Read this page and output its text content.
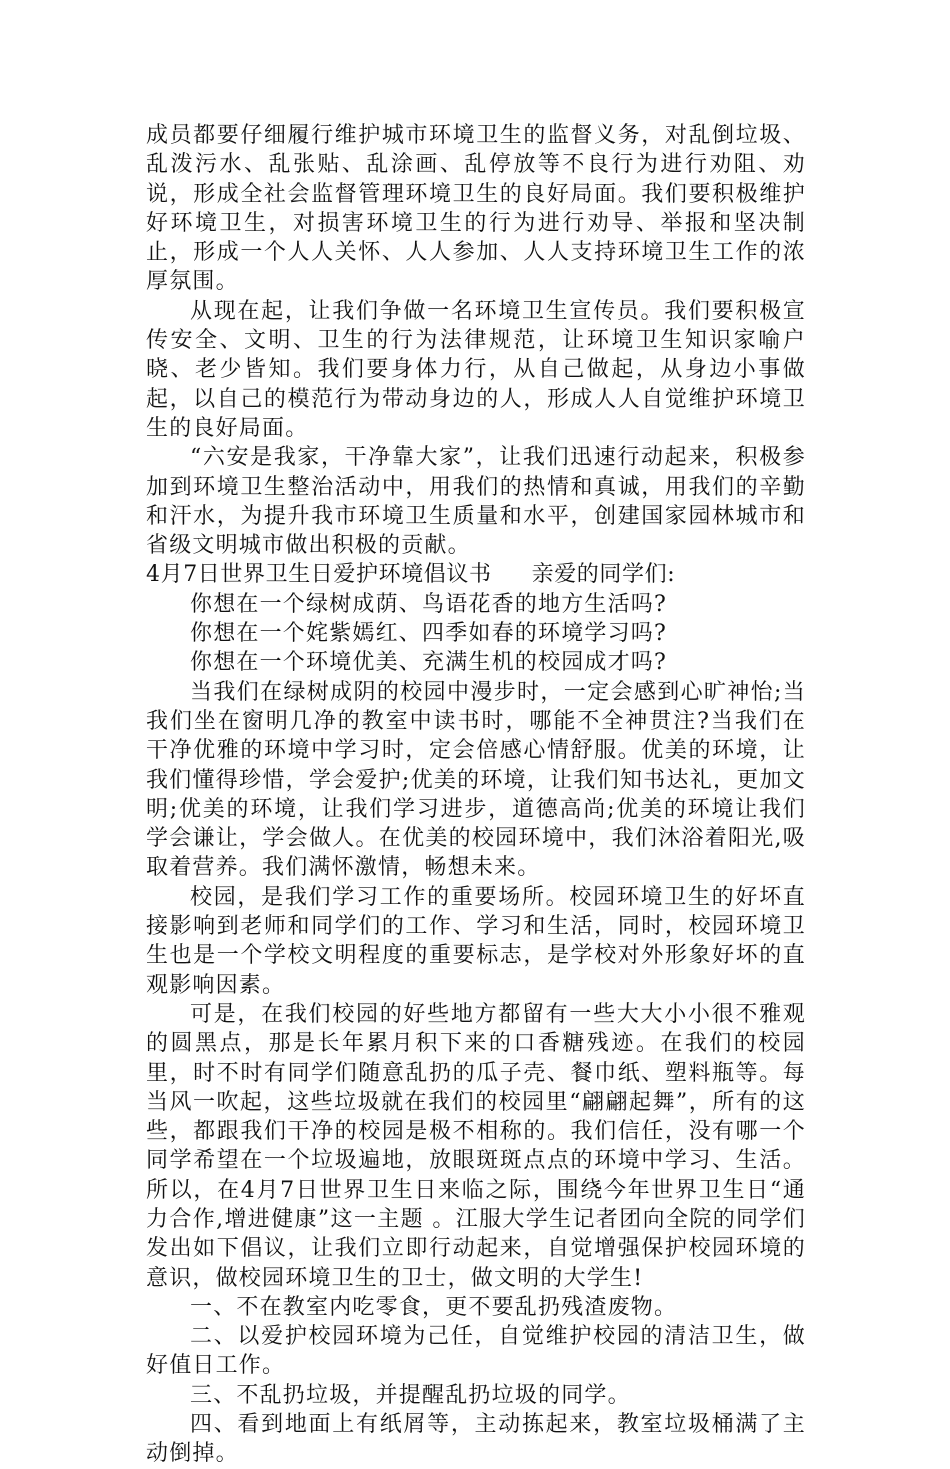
成员都要仔细履行维护城市环境卫生的监督义务，对乱倒垃圾、乱泼污水、乱张贴、乱涂画、乱停放等不良行为进行劝阻、劝说，形成全社会监督管理环境卫生的良好局面。我们要积极维护好环境卫生，对损害环境卫生的行为进行劝导、举报和坚决制止，形成一个人人关怀、人人参加、人人支持环境卫生工作的浓厚氛围。

从现在起，让我们争做一名环境卫生宣传员。我们要积极宣传安全、文明、卫生的行为法律规范，让环境卫生知识家喻户晓、老少皆知。我们要身体力行，从自己做起，从身边小事做起，以自己的模范行为带动身边的人，形成人人自觉维护环境卫生的良好局面。

“六安是我家，干净靠大家”，让我们迅速行动起来，积极参加到环境卫生整治活动中，用我们的热情和真诚，用我们的辛勤和汗水，为提升我市环境卫生质量和水平，创建国家园林城市和省级文明城市做出积极的贡献。

4月7日世界卫生日爱护环境倡议书 亲爱的同学们:

你想在一个绿树成荫、鸟语花香的地方生活吗?

你想在一个姹紫嫣红、四季如春的环境学习吗?

你想在一个环境优美、充满生机的校园成才吗?

当我们在绿树成阴的校园中漫步时，一定会感到心旷神怡;当我们坐在窗明几净的教室中读书时，哪能不全神贯注?当我们在干净优雅的环境中学习时，定会倍感心情舒服。优美的环境，让我们懂得珍惜，学会爱护;优美的环境，让我们知书达礼，更加文明;优美的环境，让我们学习进步，道德高尚;优美的环境让我们学会谦让，学会做人。在优美的校园环境中，我们沐浴着阳光,吸取着营养。我们满怀激情，畅想未来。

校园，是我们学习工作的重要场所。校园环境卫生的好坏直接影响到老师和同学们的工作、学习和生活，同时，校园环境卫生也是一个学校文明程度的重要标志，是学校对外形象好坏的直观影响因素。

可是，在我们校园的好些地方都留有一些大大小小很不雅观的圆黑点，那是长年累月积下来的口香糖残迹。在我们的校园里，时不时有同学们随意乱扔的瓜子壳、餐巾纸、塑料瓶等。每当风一吹起，这些垃圾就在我们的校园里“翩翩起舞”，所有的这些，都跟我们干净的校园是极不相称的。我们信任，没有哪一个同学希望在一个垃圾遍地，放眼斑斑点点的环境中学习、生活。所以，在4月7日世界卫生日来临之际，围绕今年世界卫生日“通力合作,增进健康”这一主题 。江服大学生记者团向全院的同学们发出如下倡议，让我们立即行动起来，自觉增强保护校园环境的意识，做校园环境卫生的卫士，做文明的大学生!

一、不在教室内吃零食，更不要乱扔残渣废物。

二、以爱护校园环境为己任，自觉维护校园的清洁卫生，做好值日工作。

三、不乱扔垃圾，并提醒乱扔垃圾的同学。

四、看到地面上有纸屑等，主动拣起来，教室垃圾桶满了主动倒掉。
